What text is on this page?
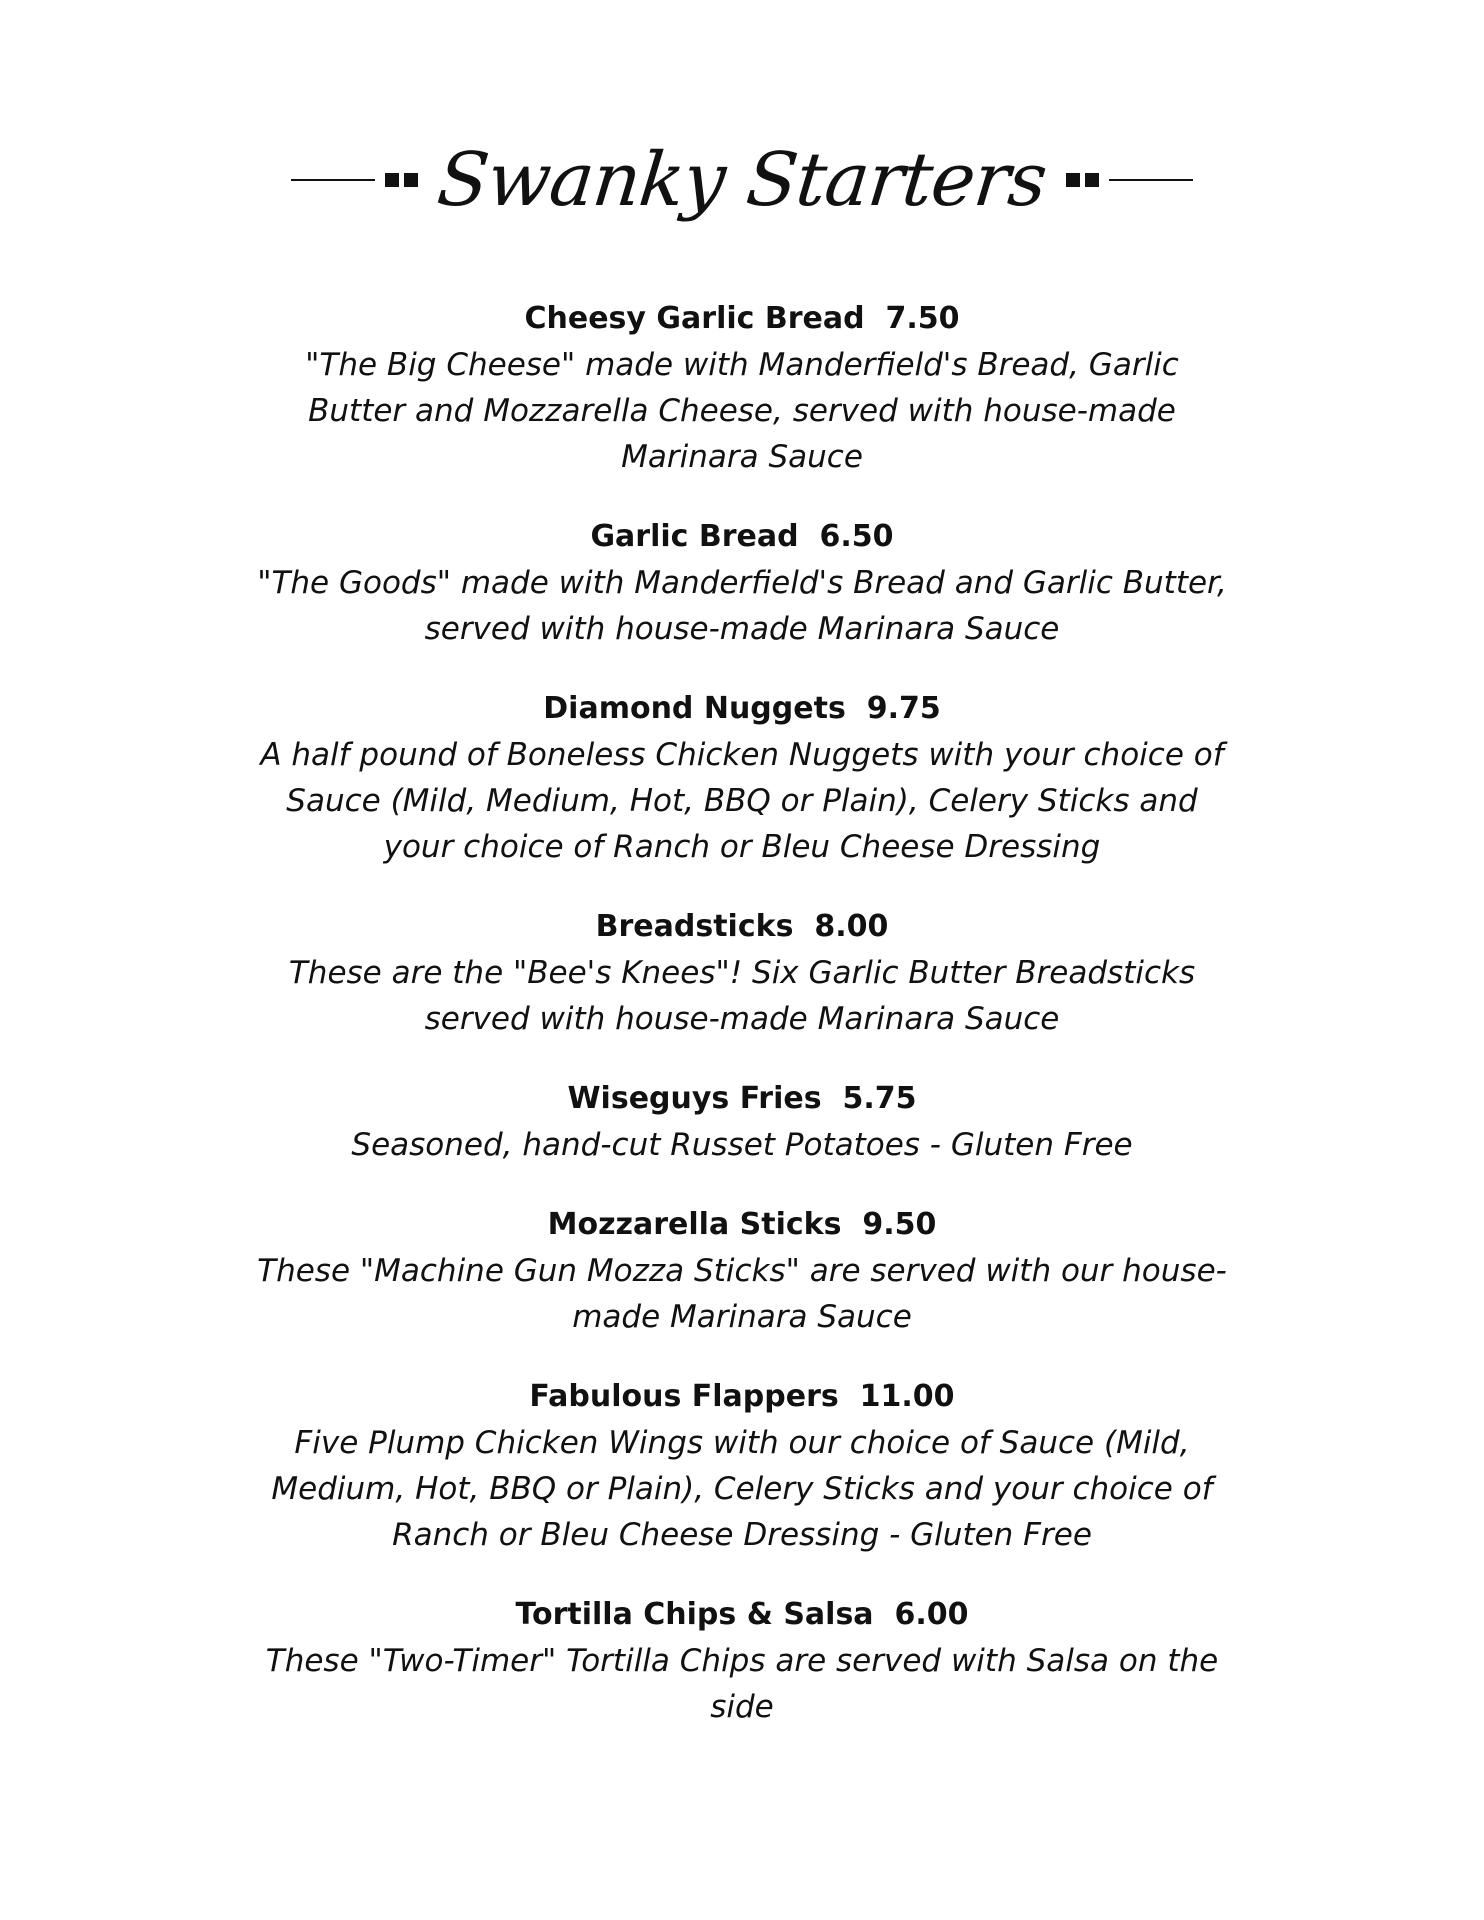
Swanky Starters
Cheesy Garlic Bread 7.50
"The Big Cheese" made with Manderfield's Bread, Garlic Butter and Mozzarella Cheese, served with house-made Marinara Sauce
Garlic Bread 6.50
"The Goods" made with Manderfield's Bread and Garlic Butter, served with house-made Marinara Sauce
Diamond Nuggets 9.75
A half pound of Boneless Chicken Nuggets with your choice of Sauce (Mild, Medium, Hot, BBQ or Plain), Celery Sticks and your choice of Ranch or Bleu Cheese Dressing
Breadsticks 8.00
These are the "Bee's Knees"! Six Garlic Butter Breadsticks served with house-made Marinara Sauce
Wiseguys Fries 5.75
Seasoned, hand-cut Russet Potatoes - Gluten Free
Mozzarella Sticks 9.50
These "Machine Gun Mozza Sticks" are served with our house-made Marinara Sauce
Fabulous Flappers 11.00
Five Plump Chicken Wings with our choice of Sauce (Mild, Medium, Hot, BBQ or Plain), Celery Sticks and your choice of Ranch or Bleu Cheese Dressing - Gluten Free
Tortilla Chips & Salsa 6.00
These "Two-Timer" Tortilla Chips are served with Salsa on the side
